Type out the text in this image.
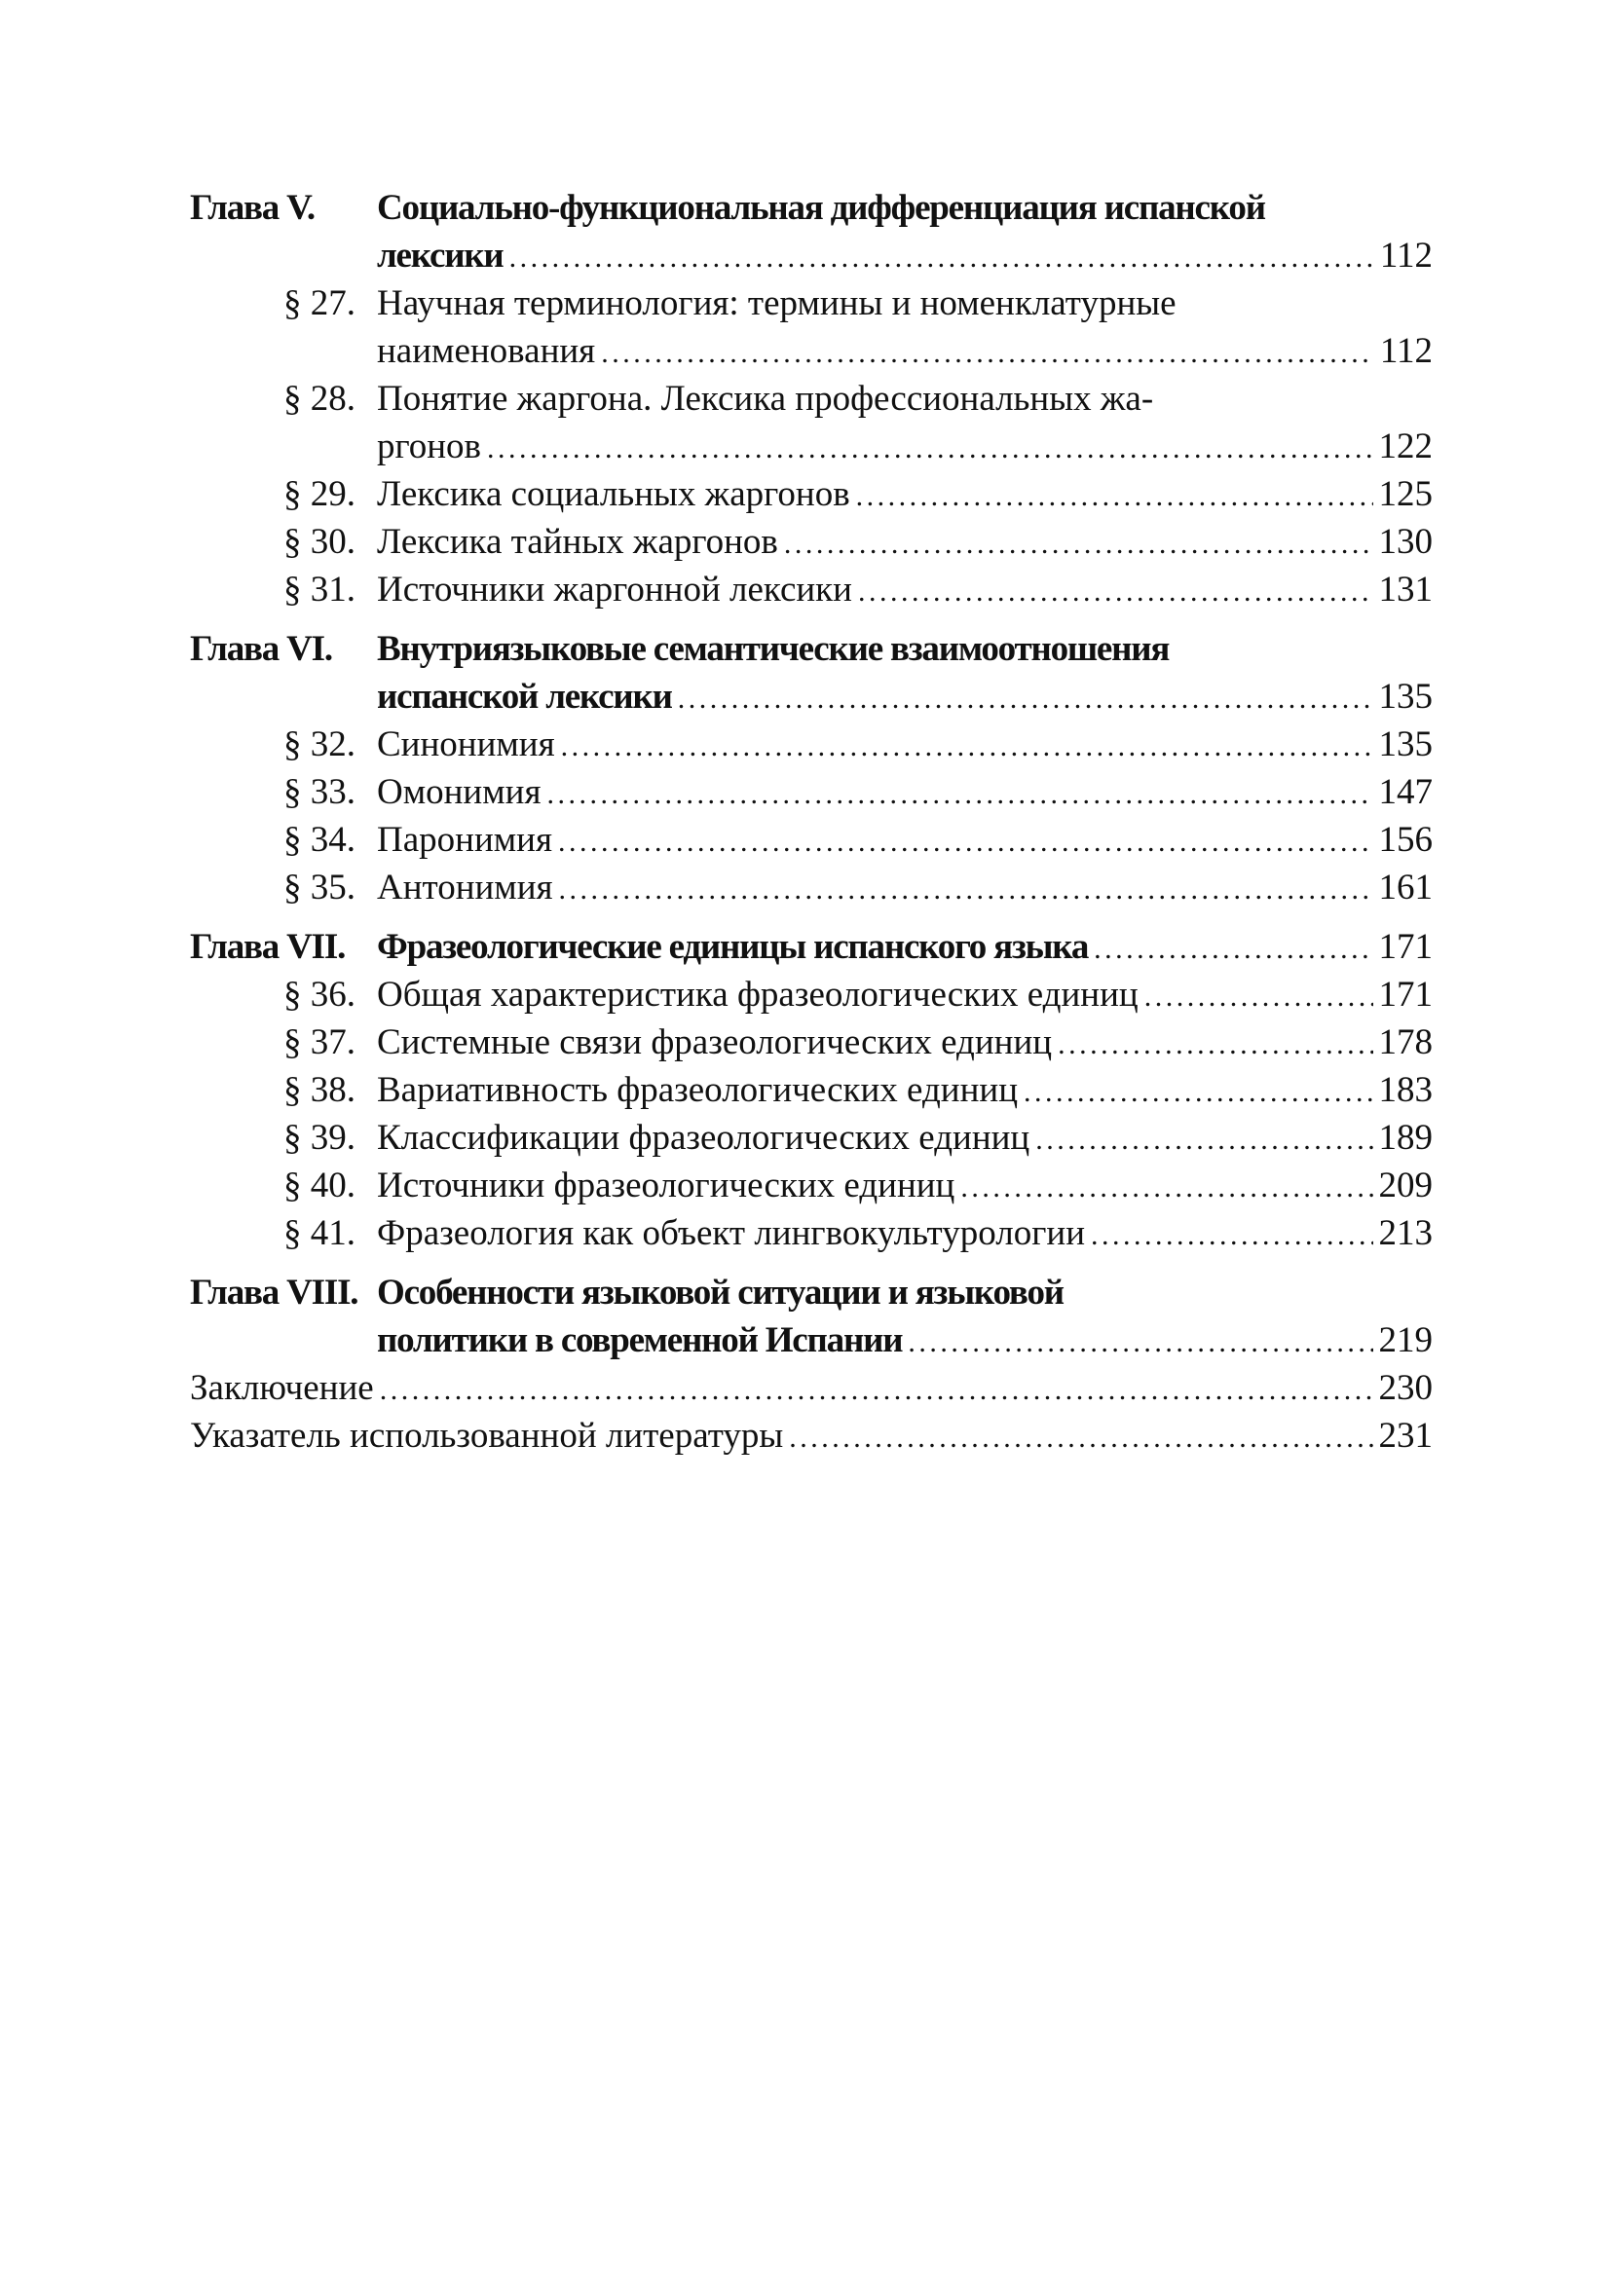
Глава V.	Социально-функциональная дифференциация испанской
лексики . . .	112
§ 27. Научная терминология: термины и номенклатурные
наименования . . .	112
§ 28. Понятие жаргона. Лексика профессиональных жа-
ргонов . . .	122
§ 29. Лексика социальных жаргонов . . .	125
§ 30. Лексика тайных жаргонов . . .	130
§ 31. Источники жаргонной лексики . . .	131
Глава VI.	Внутриязыковые семантические взаимоотношения
испанской лексики . . .	135
§ 32. Синонимия . . .	135
§ 33. Омонимия . . .	147
§ 34. Паронимия . . .	156
§ 35. Антонимия . . .	161
Глава VII. Фразеологические единицы испанского языка . . .	171
§ 36. Общая характеристика фразеологических единиц . . .	171
§ 37. Системные связи фразеологических единиц . . .	178
§ 38. Вариативность фразеологических единиц . . .	183
§ 39. Классификации фразеологических единиц . . .	189
§ 40. Источники фразеологических единиц . . .	209
§ 41. Фразеология как объект лингвокультурологии . . .	213
Глава VIII. Особенности языковой ситуации и языковой
политики в современной Испании . . .	219
Заключение . . .	230
Указатель использованной литературы . . .	231
